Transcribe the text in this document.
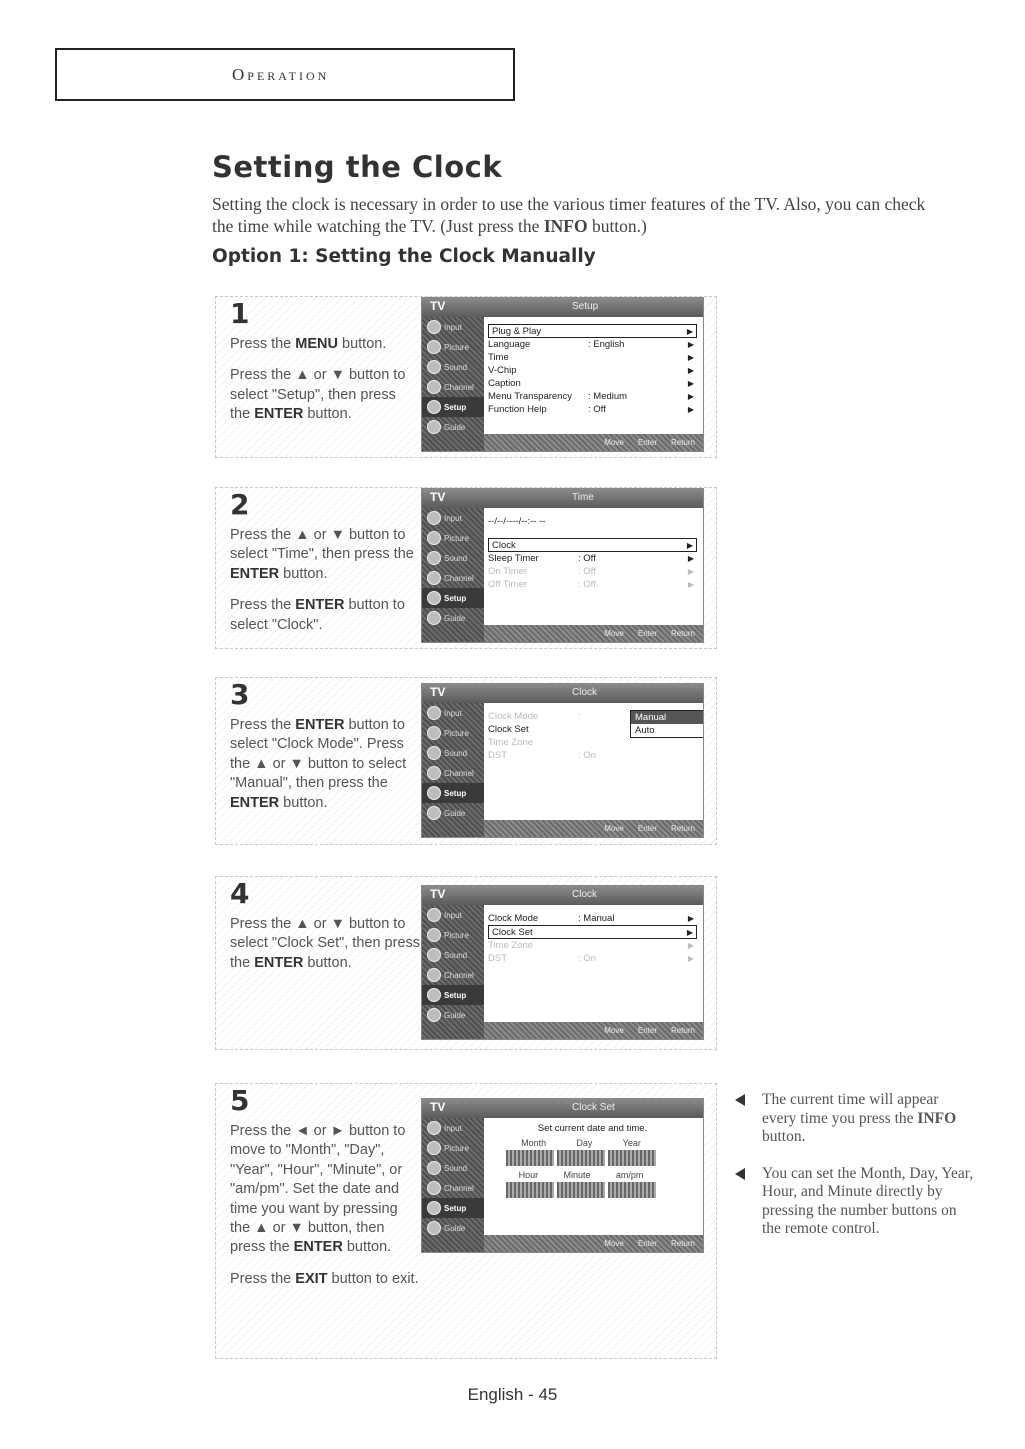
Operation
Setting the Clock

Setting the clock is necessary in order to use the various timer features of the TV. Also, you can check the time while watching the TV. (Just press the INFO button.)

Option 1: Setting the Clock Manually
1
Press the MENU button.
Press the ▲ or ▼ button to select "Setup", then press the ENTER button.
TV	Setup
Input
Picture
Sound
Channel
Setup
Guide
Plug & Play	▶
Language	: English	▶
Time	▶
V-Chip	▶
Caption	▶
Menu Transparency	: Medium	▶
Function Help	: Off	▶
Move Enter Return
2
Press the ▲ or ▼ button to select "Time", then press the ENTER button.
Press the ENTER button to select "Clock".
TV	Time
Input
Picture
Sound
Channel
Setup
Guide
--/--/----/--:-- --
Clock	▶
Sleep Timer	: Off	▶
On Timer	: Off	▶
Off Timer	: Off	▶
Move Enter Return
3
Press the ENTER button to select "Clock Mode". Press the ▲ or ▼ button to select "Manual", then press the ENTER button.
TV	Clock
Input
Picture
Sound
Channel
Setup
Guide
Clock Mode	:
Clock Set
Time Zone
DST	: On
Manual
Auto
Move Enter Return
4
Press the ▲ or ▼ button to select "Clock Set", then press the ENTER button.
TV	Clock
Input
Picture
Sound
Channel
Setup
Guide
Clock Mode	: Manual	▶
Clock Set	▶
Time Zone	▶
DST	: On	▶
Move Enter Return
5
Press the ◄ or ► button to move to "Month", "Day", "Year", "Hour", "Minute", or "am/pm". Set the date and time you want by pressing the ▲ or ▼ button, then press the ENTER button.
Press the EXIT button to exit.
TV	Clock Set
Input
Picture
Sound
Channel
Setup
Guide
Set current date and time.
Month	Day	Year
Hour	Minute	am/pm
Move Enter Return
The current time will appear every time you press the INFO button.
You can set the Month, Day, Year, Hour, and Minute directly by pressing the number buttons on the remote control.
English - 45
